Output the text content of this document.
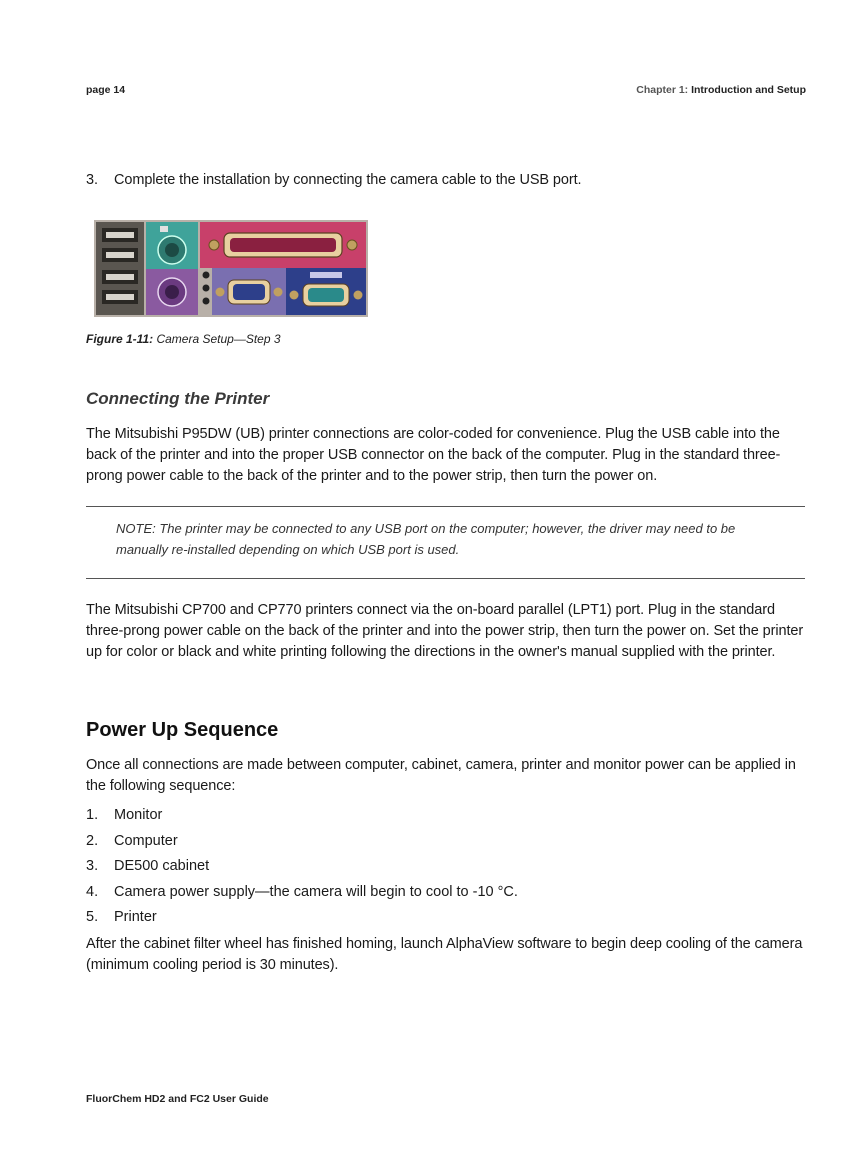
page 14	Chapter 1: Introduction and Setup
3. Complete the installation by connecting the camera cable to the USB port.
Figure 1-11: Camera Setup—Step 3
Connecting the Printer
The Mitsubishi P95DW (UB) printer connections are color-coded for convenience. Plug the USB cable into the back of the printer and into the proper USB connector on the back of the computer. Plug in the standard three-prong power cable to the back of the printer and to the power strip, then turn the power on.
NOTE: The printer may be connected to any USB port on the computer; however, the driver may need to be manually re-installed depending on which USB port is used.
The Mitsubishi CP700 and CP770 printers connect via the on-board parallel (LPT1) port. Plug in the standard three-prong power cable on the back of the printer and into the power strip, then turn the power on. Set the printer up for color or black and white printing following the directions in the owner's manual supplied with the printer.
Power Up Sequence
Once all connections are made between computer, cabinet, camera, printer and monitor power can be applied in the following sequence:
1. Monitor
2. Computer
3. DE500 cabinet
4. Camera power supply—the camera will begin to cool to -10 °C.
5. Printer
After the cabinet filter wheel has finished homing, launch AlphaView software to begin deep cooling of the camera (minimum cooling period is 30 minutes).
FluorChem HD2 and FC2 User Guide
